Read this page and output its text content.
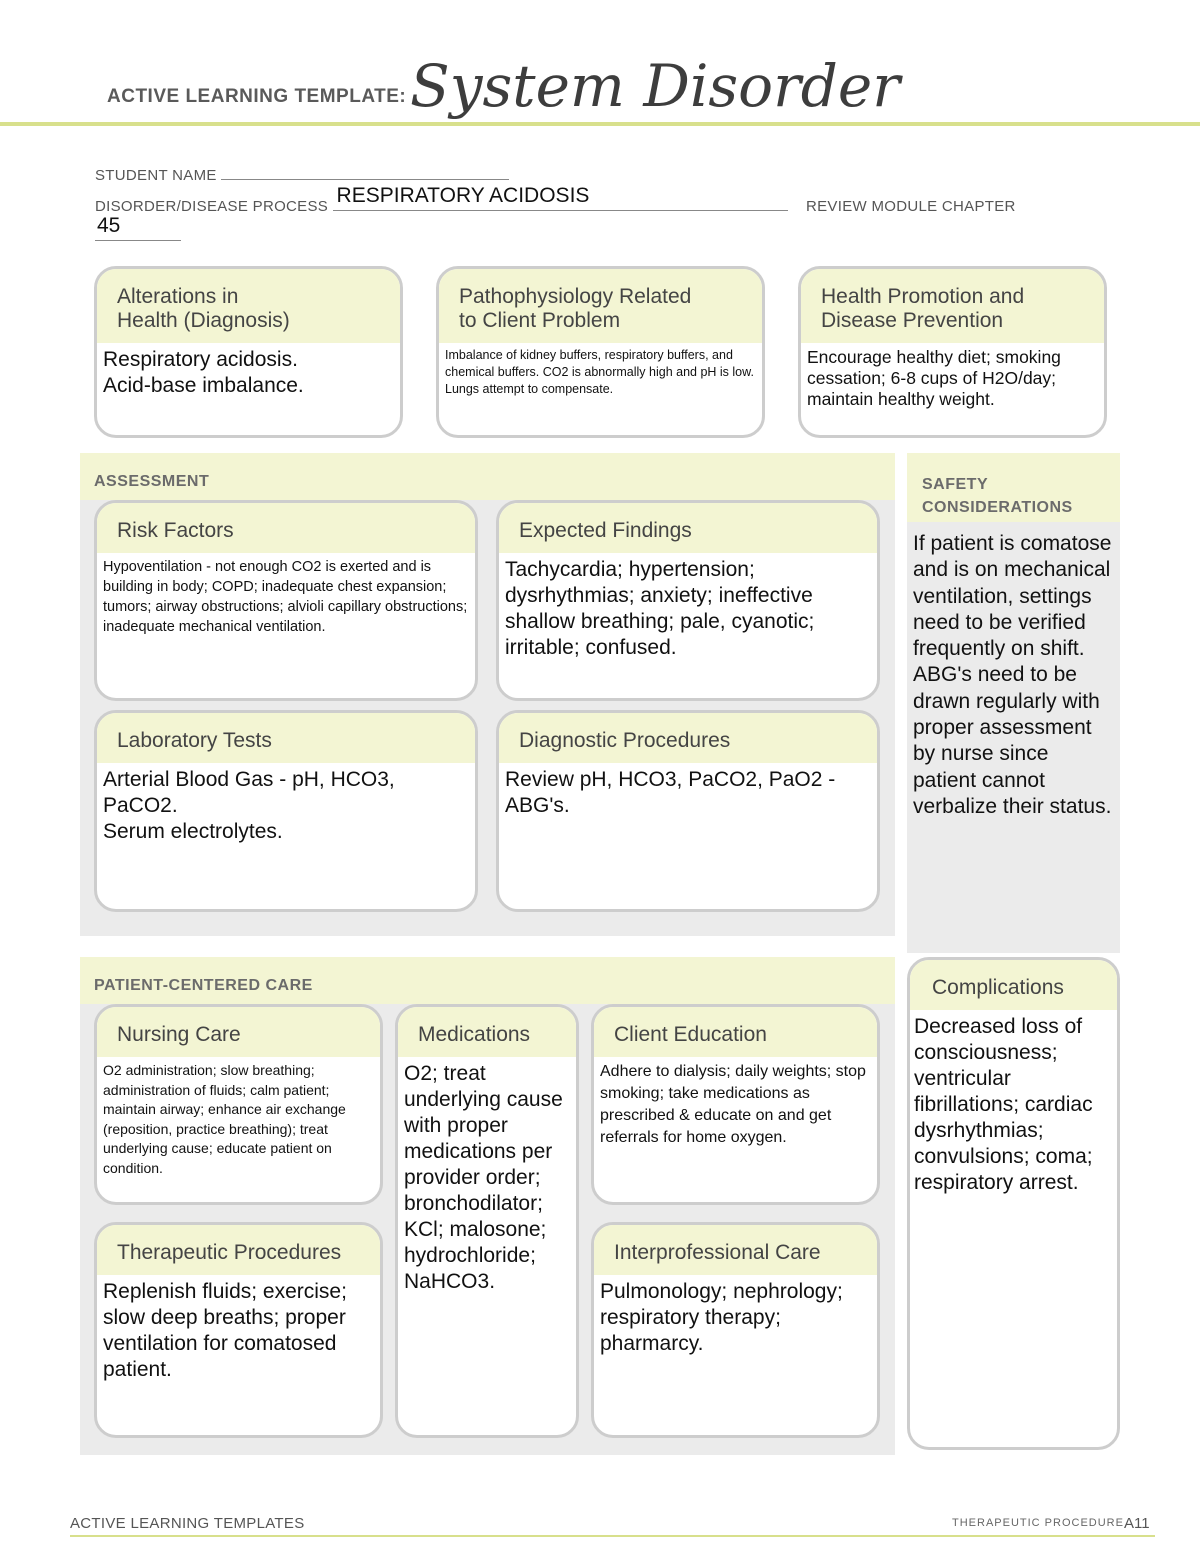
ACTIVE LEARNING TEMPLATE: System Disorder
STUDENT NAME
DISORDER/DISEASE PROCESS RESPIRATORY ACIDOSIS	REVIEW MODULE CHAPTER
45
Alterations in
Health (Diagnosis)
Respiratory acidosis.
Acid-base imbalance.
Pathophysiology Related
to Client Problem
Imbalance of kidney buffers, respiratory buffers, and chemical buffers. CO2 is abnormally high and pH is low. Lungs attempt to compensate.
Health Promotion and
Disease Prevention
Encourage healthy diet; smoking cessation; 6-8 cups of H2O/day; maintain healthy weight.
ASSESSMENT
Risk Factors
Hypoventilation - not enough CO2 is exerted and is building in body; COPD; inadequate chest expansion; tumors; airway obstructions; alvioli capillary obstructions; inadequate mechanical ventilation.
Expected Findings
Tachycardia; hypertension; dysrhythmias; anxiety; ineffective shallow breathing; pale, cyanotic; irritable; confused.
Laboratory Tests
Arterial Blood Gas - pH, HCO3, PaCO2.
Serum electrolytes.
Diagnostic Procedures
Review pH, HCO3, PaCO2, PaO2 - ABG's.
SAFETY
CONSIDERATIONS
If patient is comatose and is on mechanical ventilation, settings need to be verified frequently on shift. ABG's need to be drawn regularly with proper assessment by nurse since patient cannot verbalize their status.
PATIENT-CENTERED CARE
Nursing Care
O2 administration; slow breathing; administration of fluids; calm patient; maintain airway; enhance air exchange (reposition, practice breathing); treat underlying cause; educate patient on condition.
Medications
O2; treat underlying cause with proper medications per provider order; bronchodilator; KCl; malosone; hydrochloride; NaHCO3.
Client Education
Adhere to dialysis; daily weights; stop smoking; take medications as prescribed & educate on and get referrals for home oxygen.
Therapeutic Procedures
Replenish fluids; exercise; slow deep breaths; proper ventilation for comatosed patient.
Interprofessional Care
Pulmonology; nephrology; respiratory therapy; pharmarcy.
Complications
Decreased loss of consciousness; ventricular fibrillations; cardiac dysrhythmias; convulsions; coma; respiratory arrest.
ACTIVE LEARNING TEMPLATES	THERAPEUTIC PROCEDURE A11
